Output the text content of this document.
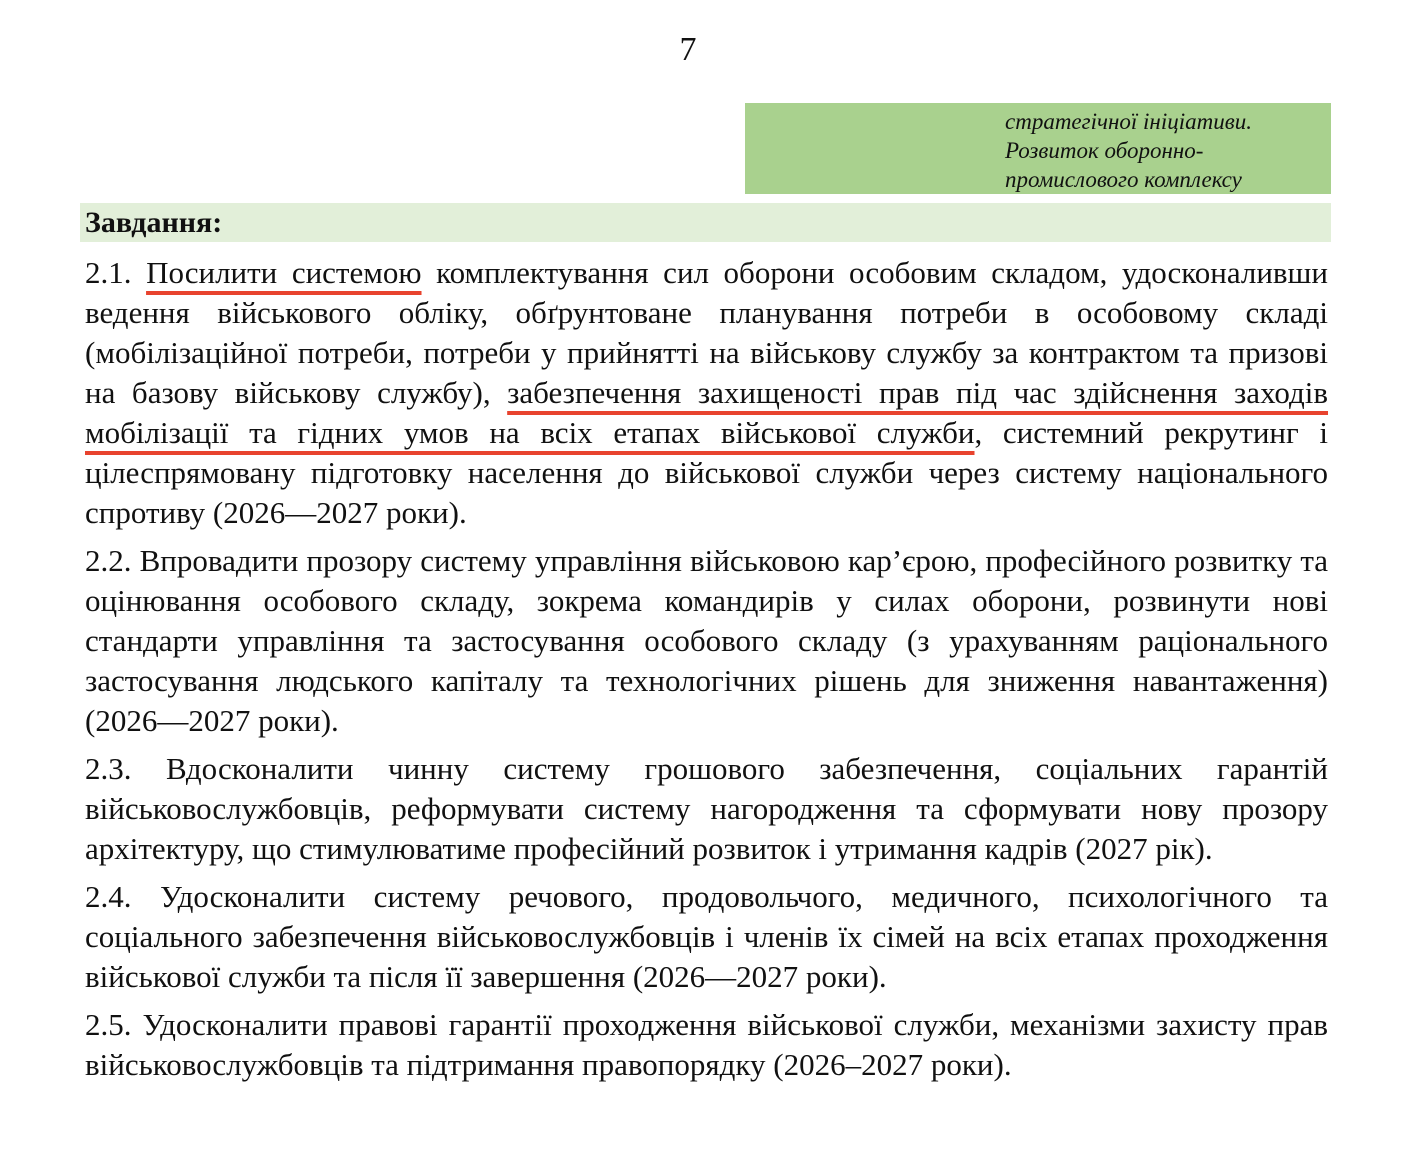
7
стратегічної ініціативи.
Розвиток оборонно-
промислового комплексу
Завдання:

2.1. Посилити системою комплектування сил оборони особовим складом, удосконаливши ведення військового обліку, обґрунтоване планування потреби в особовому складі (мобілізаційної потреби, потреби у прийнятті на військову службу за контрактом та призові на базову військову службу), забезпечення захищеності прав під час здійснення заходів мобілізації та гідних умов на всіх етапах військової служби, системний рекрутинг і цілеспрямовану підготовку населення до військової служби через систему національного спротиву (2026—2027 роки).

2.2. Впровадити прозору систему управління військовою кар’єрою, професійного розвитку та оцінювання особового складу, зокрема командирів у силах оборони, розвинути нові стандарти управління та застосування особового складу (з урахуванням раціонального застосування людського капіталу та технологічних рішень для зниження навантаження) (2026—2027 роки).

2.3. Вдосконалити чинну систему грошового забезпечення, соціальних гарантій військовослужбовців, реформувати систему нагородження та сформувати нову прозору архітектуру, що стимулюватиме професійний розвиток і утримання кадрів (2027 рік).

2.4. Удосконалити систему речового, продовольчого, медичного, психологічного та соціального забезпечення військовослужбовців і членів їх сімей на всіх етапах проходження військової служби та після її завершення (2026—2027 роки).

2.5. Удосконалити правові гарантії проходження військової служби, механізми захисту прав військовослужбовців та підтримання правопорядку (2026–2027 роки).
